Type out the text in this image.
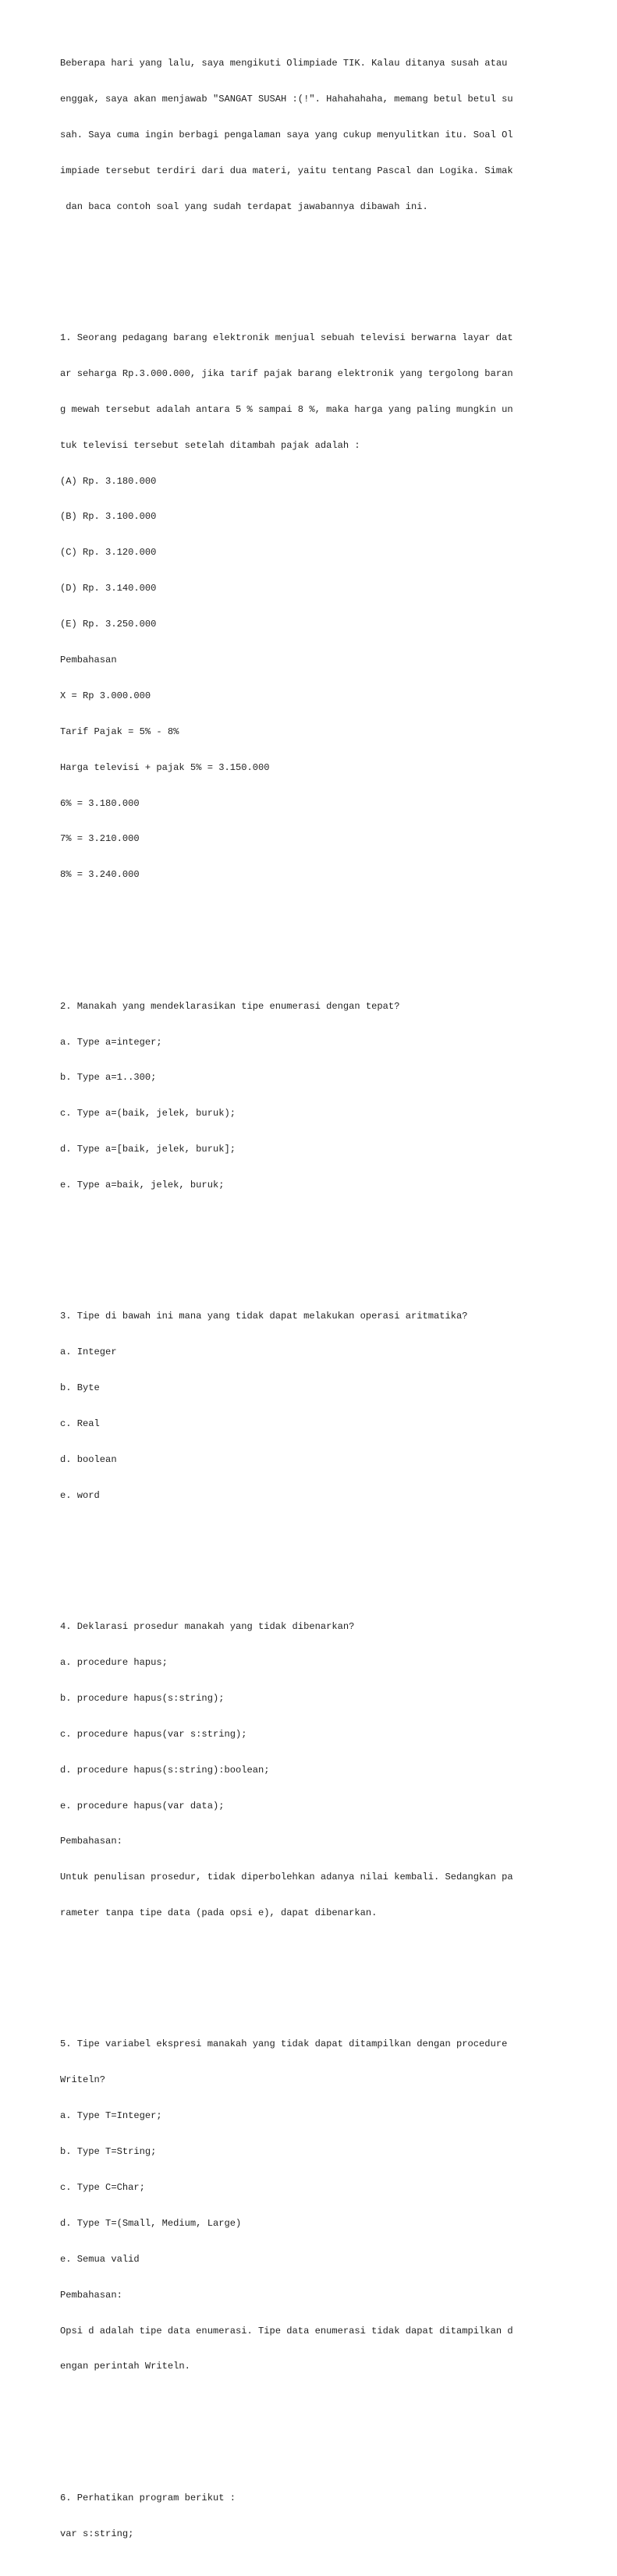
Beberapa hari yang lalu, saya mengikuti Olimpiade TIK. Kalau ditanya susah atau

enggak, saya akan menjawab "SANGAT SUSAH :(!". Hahahahaha, memang betul betul su

sah. Saya cuma ingin berbagi pengalaman saya yang cukup menyulitkan itu. Soal Ol

impiade tersebut terdiri dari dua materi, yaitu tentang Pascal dan Logika. Simak

dan baca contoh soal yang sudah terdapat jawabannya dibawah ini.

1. Seorang pedagang barang elektronik menjual sebuah televisi berwarna layar dat

ar seharga Rp.3.000.000, jika tarif pajak barang elektronik yang tergolong baran

g mewah tersebut adalah antara 5 % sampai 8 %, maka harga yang paling mungkin un

tuk televisi tersebut setelah ditambah pajak adalah :

(A) Rp. 3.180.000

(B) Rp. 3.100.000

(C) Rp. 3.120.000

(D) Rp. 3.140.000

(E) Rp. 3.250.000

Pembahasan

X = Rp 3.000.000

Tarif Pajak = 5% - 8%

Harga televisi + pajak 5% = 3.150.000

6% = 3.180.000

7% = 3.210.000

8% = 3.240.000

2. Manakah yang mendeklarasikan tipe enumerasi dengan tepat?

a. Type a=integer;

b. Type a=1..300;

c. Type a=(baik, jelek, buruk);

d. Type a=[baik, jelek, buruk];

e. Type a=baik, jelek, buruk;

3. Tipe di bawah ini mana yang tidak dapat melakukan operasi aritmatika?

a. Integer

b. Byte

c. Real

d. boolean

e. word

4. Deklarasi prosedur manakah yang tidak dibenarkan?

a. procedure hapus;

b. procedure hapus(s:string);

c. procedure hapus(var s:string);

d. procedure hapus(s:string):boolean;

e. procedure hapus(var data);

Pembahasan:

Untuk penulisan prosedur, tidak diperbolehkan adanya nilai kembali. Sedangkan pa

rameter tanpa tipe data (pada opsi e), dapat dibenarkan.

5. Tipe variabel ekspresi manakah yang tidak dapat ditampilkan dengan procedure

Writeln?

a. Type T=Integer;

b. Type T=String;

c. Type C=Char;

d. Type T=(Small, Medium, Large)

e. Semua valid

Pembahasan:

Opsi d adalah tipe data enumerasi. Tipe data enumerasi tidak dapat ditampilkan d

engan perintah Writeln.

6. Perhatikan program berikut :

var s:string;
